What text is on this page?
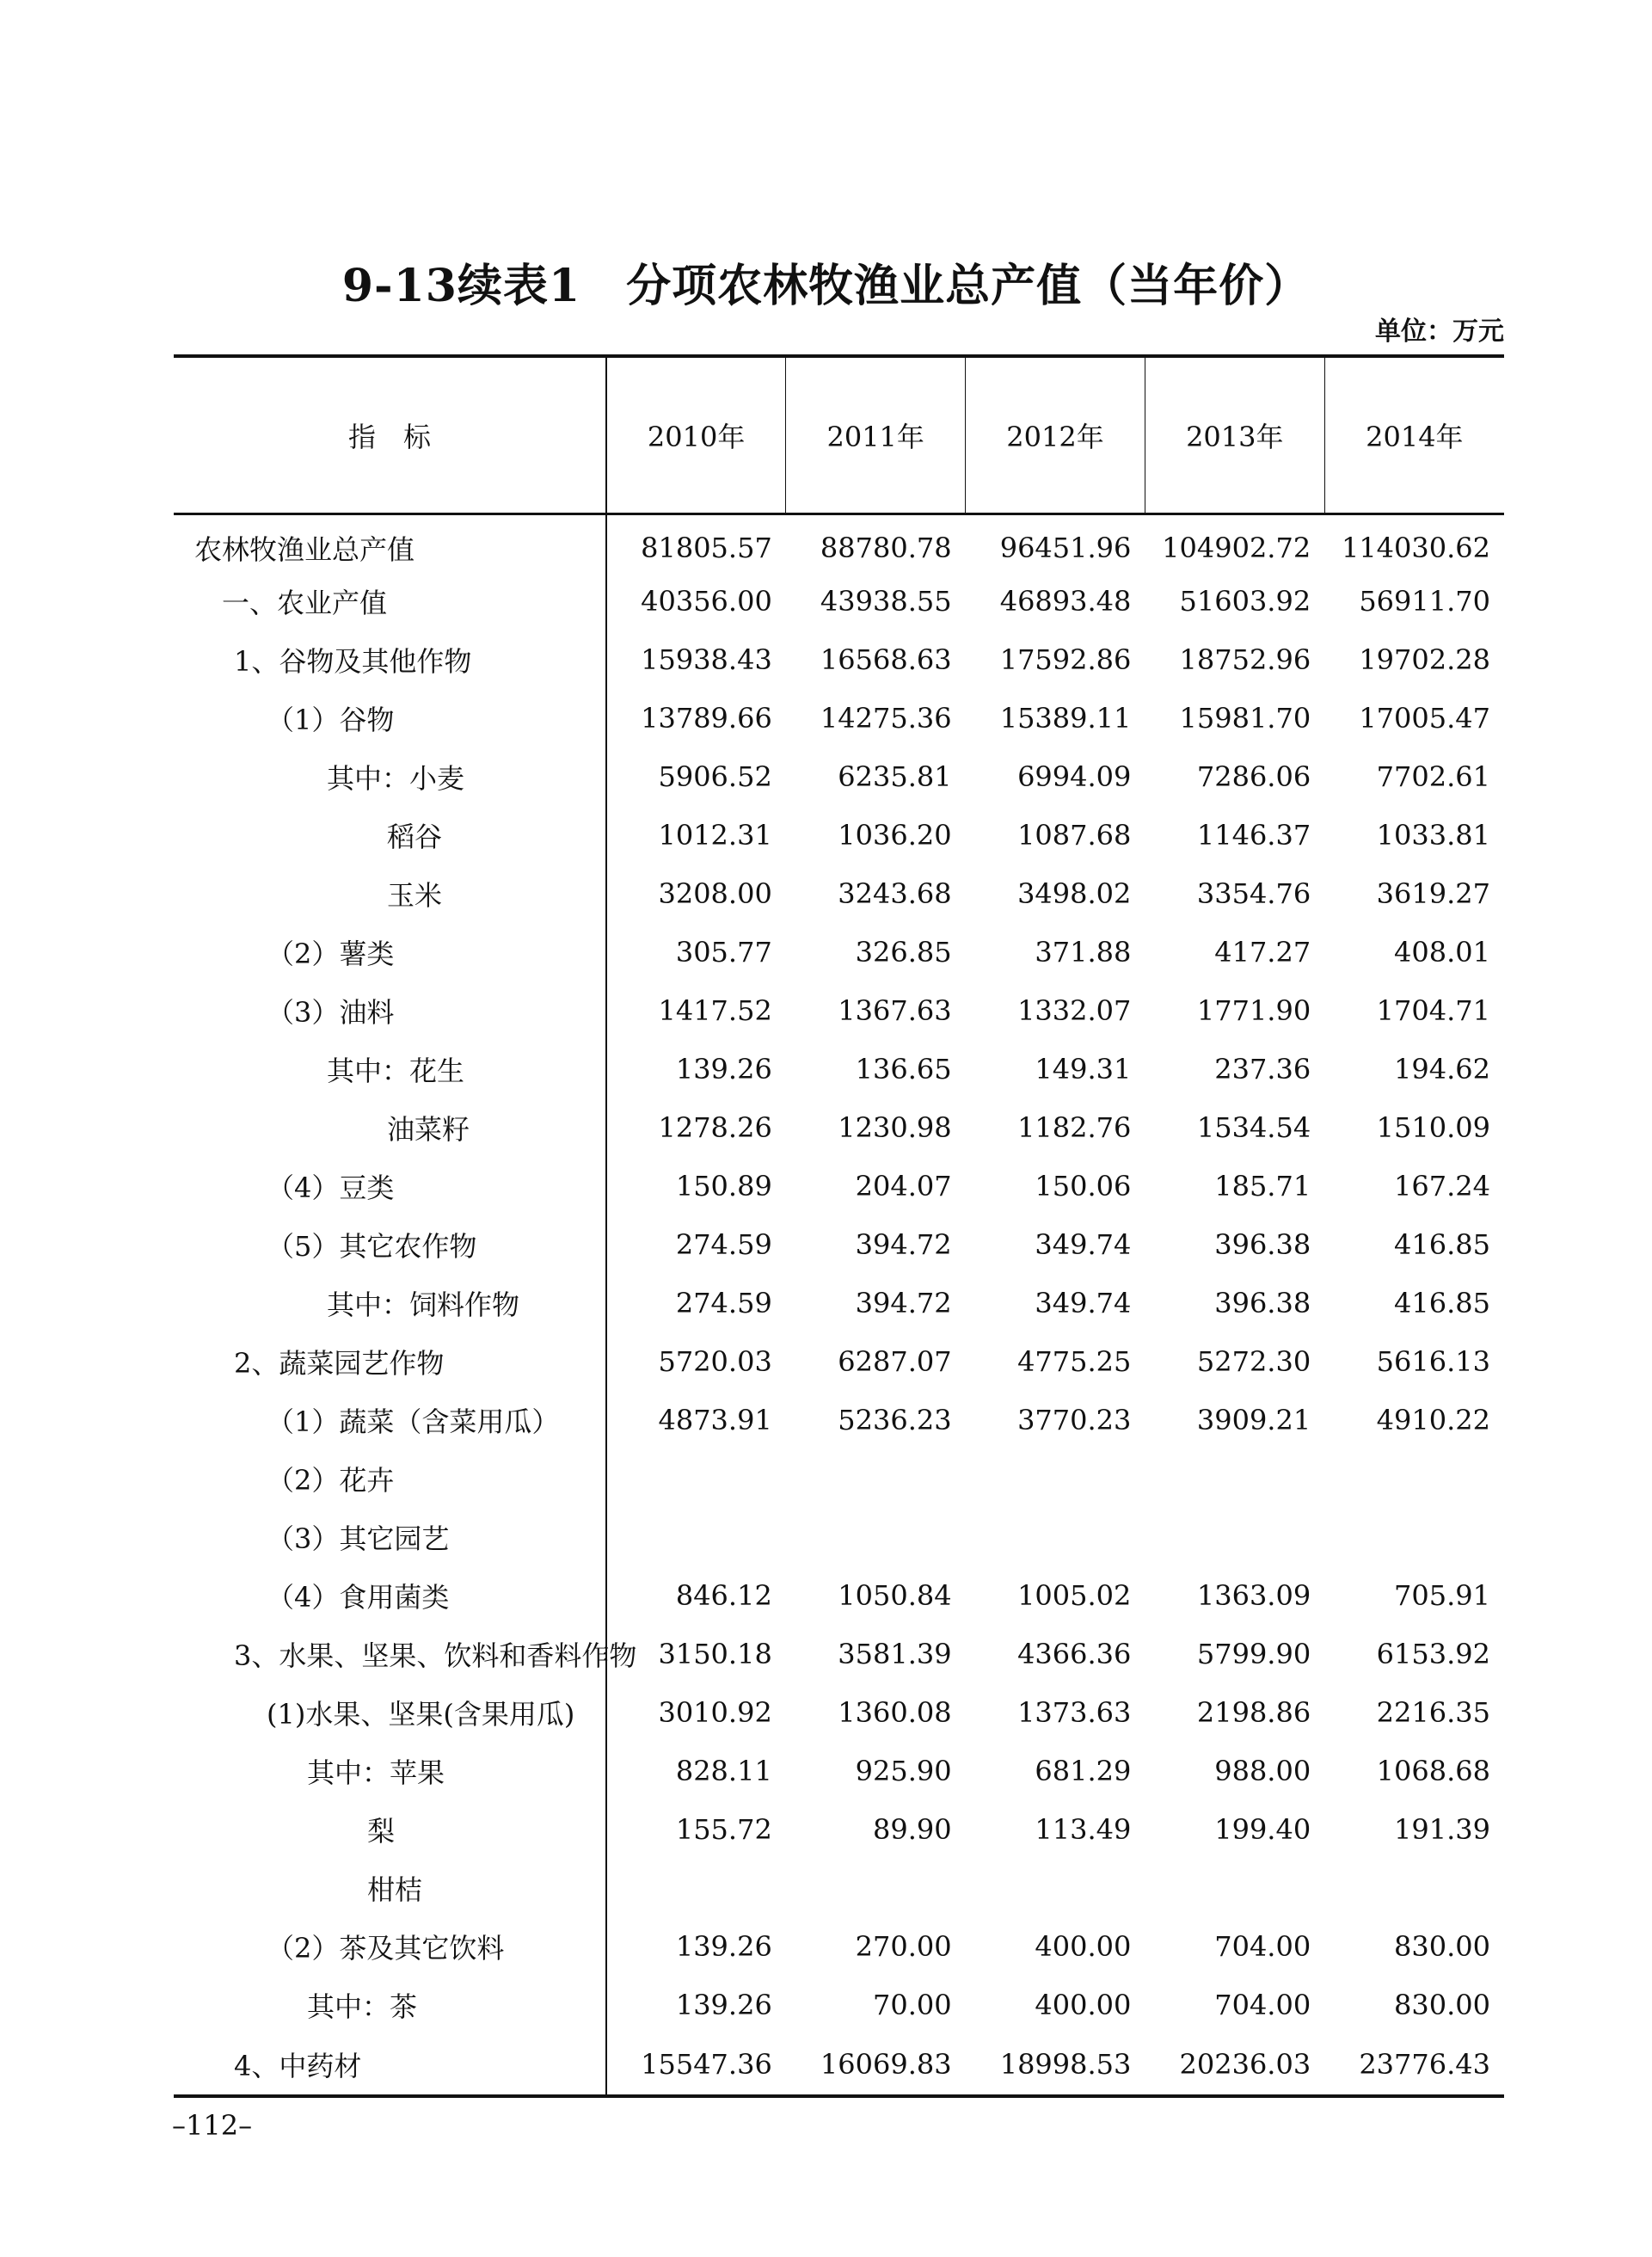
9-13续表1　分项农林牧渔业总产值（当年价）
单位：万元
指　标	2010年	2011年	2012年	2013年	2014年
农林牧渔业总产值	81805.57	88780.78	96451.96	104902.72	114030.62
一、农业产值	40356.00	43938.55	46893.48	51603.92	56911.70
1、谷物及其他作物	15938.43	16568.63	17592.86	18752.96	19702.28
（1）谷物	13789.66	14275.36	15389.11	15981.70	17005.47
其中：小麦	5906.52	6235.81	6994.09	7286.06	7702.61
稻谷	1012.31	1036.20	1087.68	1146.37	1033.81
玉米	3208.00	3243.68	3498.02	3354.76	3619.27
（2）薯类	305.77	326.85	371.88	417.27	408.01
（3）油料	1417.52	1367.63	1332.07	1771.90	1704.71
其中：花生	139.26	136.65	149.31	237.36	194.62
油菜籽	1278.26	1230.98	1182.76	1534.54	1510.09
（4）豆类	150.89	204.07	150.06	185.71	167.24
（5）其它农作物	274.59	394.72	349.74	396.38	416.85
其中：饲料作物	274.59	394.72	349.74	396.38	416.85
2、蔬菜园艺作物	5720.03	6287.07	4775.25	5272.30	5616.13
（1）蔬菜（含菜用瓜）	4873.91	5236.23	3770.23	3909.21	4910.22
（2）花卉					
（3）其它园艺					
（4）食用菌类	846.12	1050.84	1005.02	1363.09	705.91
3、水果、坚果、饮料和香料作物	3150.18	3581.39	4366.36	5799.90	6153.92
(1)水果、坚果(含果用瓜)	3010.92	1360.08	1373.63	2198.86	2216.35
其中：苹果	828.11	925.90	681.29	988.00	1068.68
梨	155.72	89.90	113.49	199.40	191.39
柑桔					
（2）茶及其它饮料	139.26	270.00	400.00	704.00	830.00
其中：茶	139.26	70.00	400.00	704.00	830.00
4、中药材	15547.36	16069.83	18998.53	20236.03	23776.43
–112–
